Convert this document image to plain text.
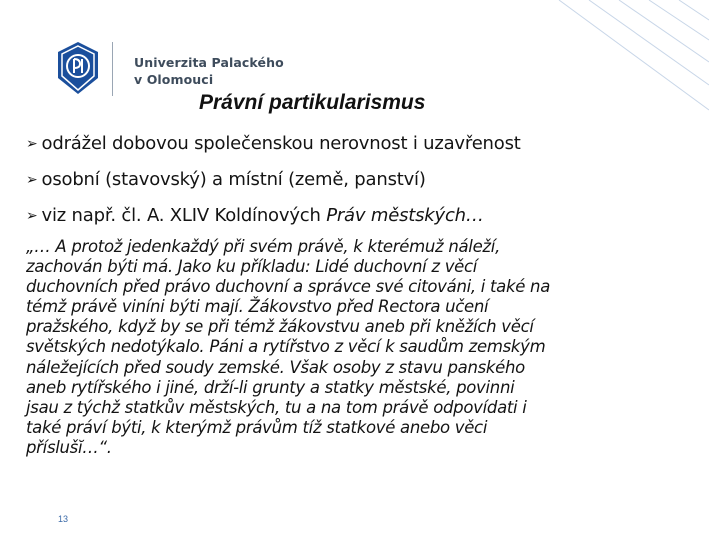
Univerzita Palackého
v Olomouci
Právní partikularismus
➢ odrážel dobovou společenskou nerovnost i uzavřenost
➢ osobní (stavovský) a místní (země, panství)
➢ viz např. čl. A. XLIV Koldínových Práv městských…
„… A protož jedenkaždý při svém právě, k kterémuž náleží,
zachován býti má. Jako ku příkladu: Lidé duchovní z věcí
duchovních před právo duchovní a správce své citováni, i také na
témž právě viníni býti mají. Žákovstvo před Rectora učení
pražského, když by se při témž žákovstvu aneb při kněžích věcí
světských nedotýkalo. Páni a rytířstvo z věcí k saudům zemským
náležejících před soudy zemské. Však osoby z stavu panského
aneb rytířského i jiné, drží-li grunty a statky městské, povinni
jsau z týchž statkův městských, tu a na tom právě odpovídati i
také práví býti, k kterýmž právům tíž statkové anebo věci
příslušĭ…“.
13
